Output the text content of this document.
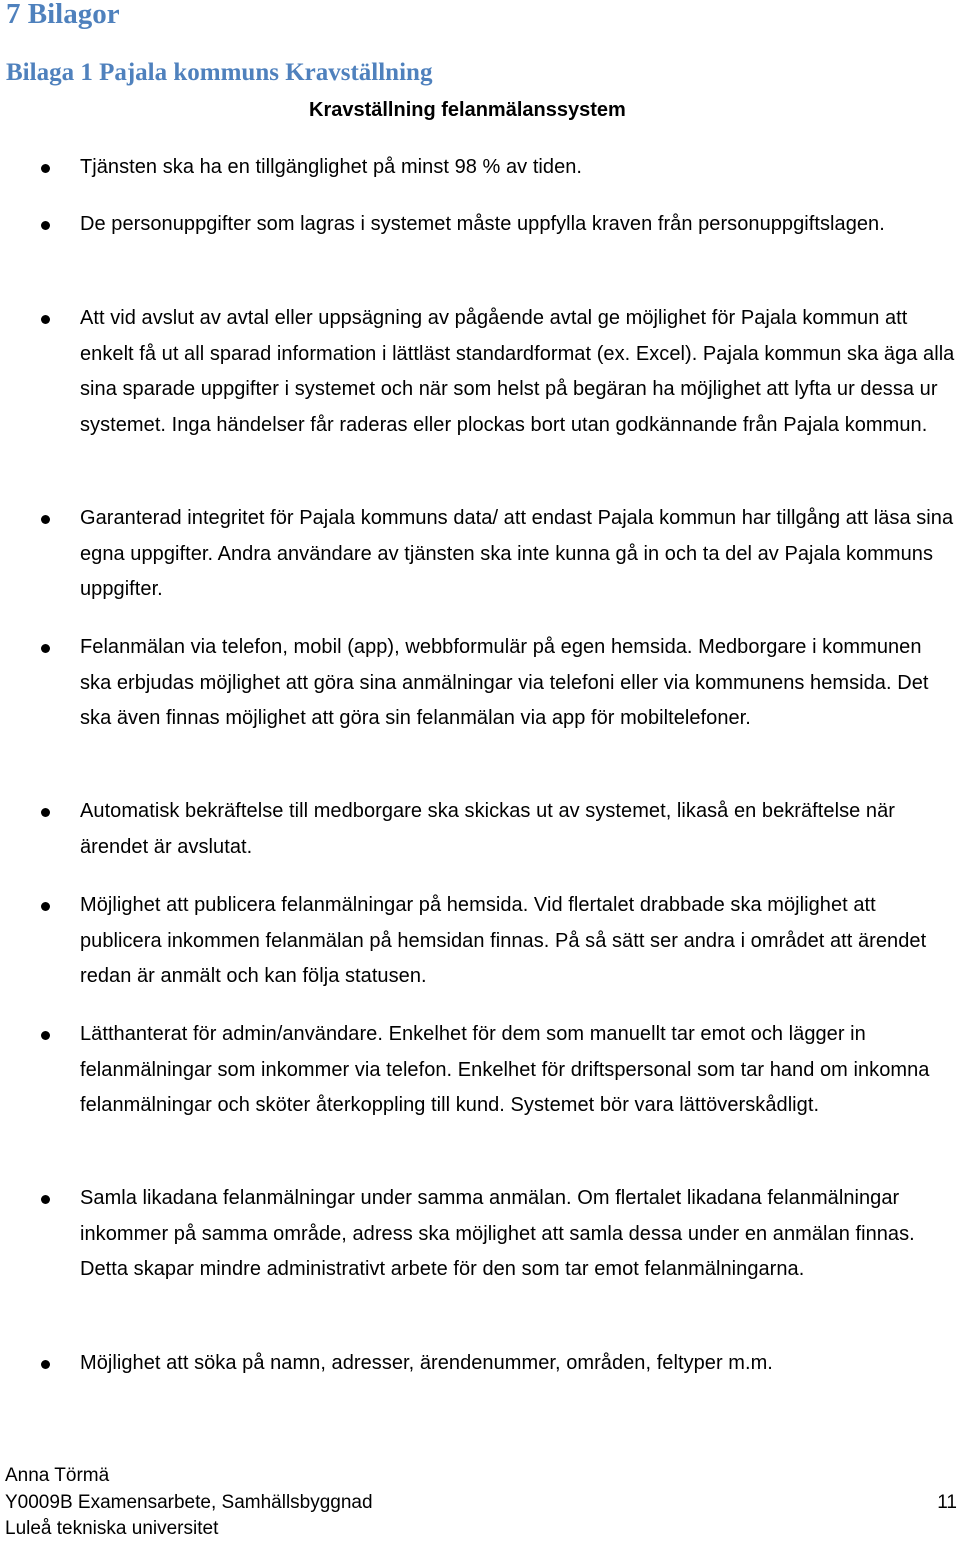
7 Bilagor
Bilaga 1 Pajala kommuns Kravställning
Kravställning felanmälanssystem
Tjänsten ska ha en tillgänglighet på minst 98 % av tiden.
De personuppgifter som lagras i systemet måste uppfylla kraven från personuppgiftslagen.
Att vid avslut av avtal eller uppsägning av pågående avtal ge möjlighet för Pajala kommun att enkelt få ut all sparad information i lättläst standardformat (ex. Excel). Pajala kommun ska äga alla sina sparade uppgifter i systemet och när som helst på begäran ha möjlighet att lyfta ur dessa ur systemet. Inga händelser får raderas eller plockas bort utan godkännande från Pajala kommun.
Garanterad integritet för Pajala kommuns data/ att endast Pajala kommun har tillgång att läsa sina egna uppgifter. Andra användare av tjänsten ska inte kunna gå in och ta del av Pajala kommuns uppgifter.
Felanmälan via telefon, mobil (app), webbformulär på egen hemsida. Medborgare i kommunen ska erbjudas möjlighet att göra sina anmälningar via telefoni eller via kommunens hemsida. Det ska även finnas möjlighet att göra sin felanmälan via app för mobiltelefoner.
Automatisk bekräftelse till medborgare ska skickas ut av systemet, likaså en bekräftelse när ärendet är avslutat.
Möjlighet att publicera felanmälningar på hemsida. Vid flertalet drabbade ska möjlighet att publicera inkommen felanmälan på hemsidan finnas. På så sätt ser andra i området att ärendet redan är anmält och kan följa statusen.
Lätthanterat för admin/användare. Enkelhet för dem som manuellt tar emot och lägger in felanmälningar som inkommer via telefon. Enkelhet för driftspersonal som tar hand om inkomna felanmälningar och sköter återkoppling till kund. Systemet bör vara lättöverskådligt.
Samla likadana felanmälningar under samma anmälan. Om flertalet likadana felanmälningar inkommer på samma område, adress ska möjlighet att samla dessa under en anmälan finnas. Detta skapar mindre administrativt arbete för den som tar emot felanmälningarna.
Möjlighet att söka på namn, adresser, ärendenummer, områden, feltyper m.m.
Anna Törmä
Y0009B Examensarbete, Samhällsbyggnad
Luleå tekniska universitet
11
